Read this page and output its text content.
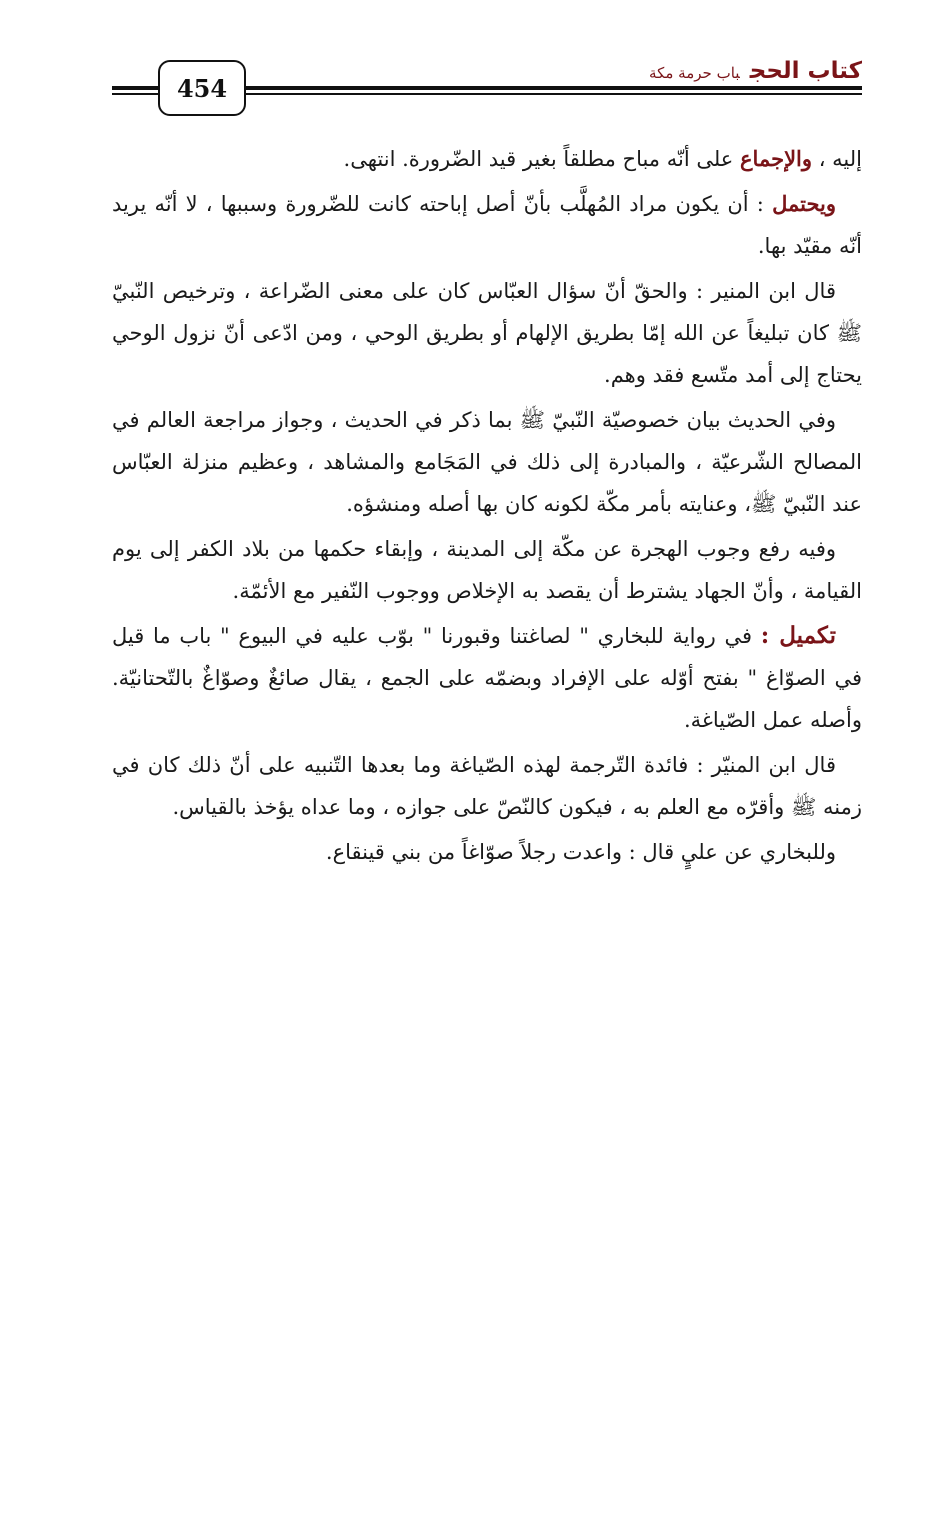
كتاب الحجباب حرمة مكة
454

إليه ، والإجماع على أنّه مباح مطلقاً بغير قيد الضّرورة. انتهى.

ويحتمل : أن يكون مراد المُهلَّب بأنّ أصل إباحته كانت للضّرورة وسببها ، لا أنّه يريد أنّه مقيّد بها.

قال ابن المنير : والحقّ أنّ سؤال العبّاس كان على معنى الضّراعة ، وترخيص النّبيّ ﷺ كان تبليغاً عن الله إمّا بطريق الإلهام أو بطريق الوحي ، ومن ادّعى أنّ نزول الوحي يحتاج إلى أمد متّسع فقد وهم.

وفي الحديث بيان خصوصيّة النّبيّ ﷺ بما ذكر في الحديث ، وجواز مراجعة العالم في المصالح الشّرعيّة ، والمبادرة إلى ذلك في المَجَامع والمشاهد ، وعظيم منزلة العبّاس عند النّبيّ ﷺ، وعنايته بأمر مكّة لكونه كان بها أصله ومنشؤه.

وفيه رفع وجوب الهجرة عن مكّة إلى المدينة ، وإبقاء حكمها من بلاد الكفر إلى يوم القيامة ، وأنّ الجهاد يشترط أن يقصد به الإخلاص ووجوب النّفير مع الأئمّة.

تكميل : في رواية للبخاري " لصاغتنا وقبورنا " بوّب عليه في البيوع " باب ما قيل في الصوّاغ " بفتح أوّله على الإفراد وبضمّه على الجمع ، يقال صائغٌ وصوّاغٌ بالتّحتانيّة. وأصله عمل الصّياغة.

قال ابن المنيّر : فائدة التّرجمة لهذه الصّياغة وما بعدها التّنبيه على أنّ ذلك كان في زمنه ﷺ وأقرّه مع العلم به ، فيكون كالنّصّ على جوازه ، وما عداه يؤخذ بالقياس.

وللبخاري عن عليٍ قال : واعدت رجلاً صوّاغاً من بني قينقاع.
